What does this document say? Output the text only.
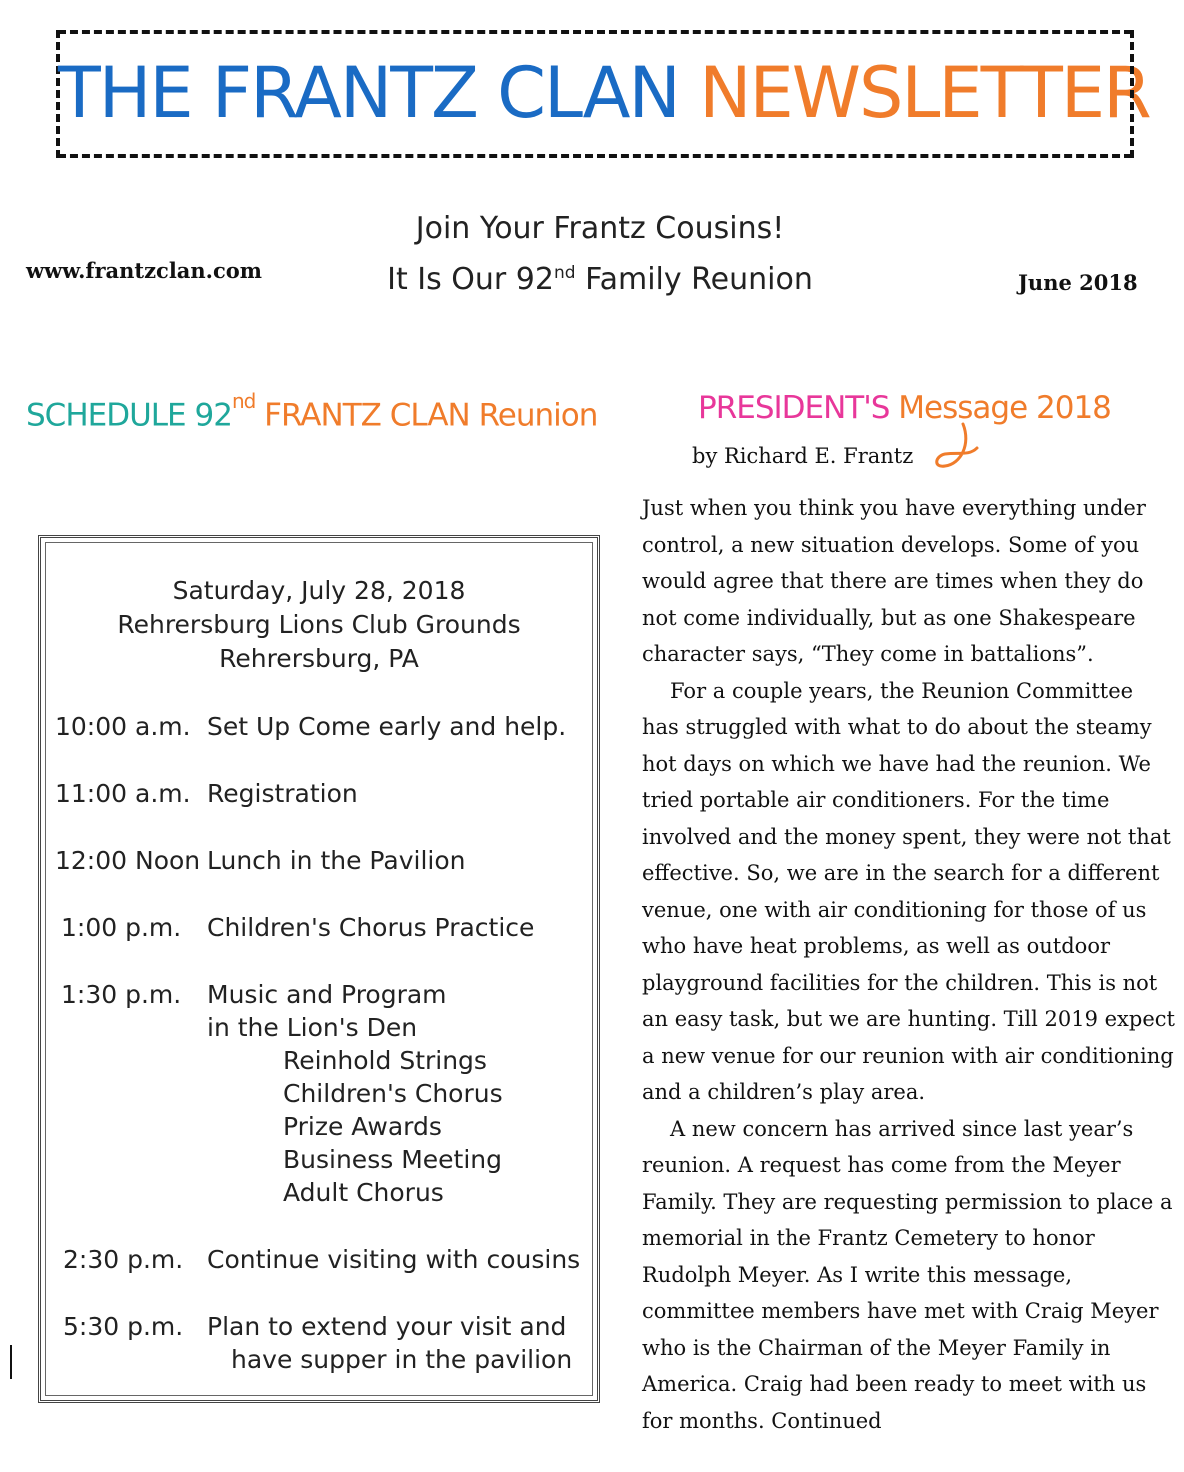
THE FRANTZ CLAN NEWSLETTER
www.frantzclan.com
Join Your Frantz Cousins!
It Is Our 92nd Family Reunion	June 2018
SCHEDULE 92nd FRANTZ CLAN Reunion	PRESIDENT'S Message 2018
by Richard E. Frantz
Saturday, July 28, 2018
Rehrersburg Lions Club Grounds
Rehrersburg, PA
10:00 a.m. Set Up Come early and help.
11:00 a.m. Registration
12:00 Noon Lunch in the Pavilion
1:00 p.m. Children's Chorus Practice
1:30 p.m. Music and Program
in the Lion's Den
Reinhold Strings
Children's Chorus
Prize Awards
Business Meeting
Adult Chorus
2:30 p.m. Continue visiting with cousins
5:30 p.m. Plan to extend your visit and
have supper in the pavilion

Just when you think you have everything under control, a new situation develops. Some of you would agree that there are times when they do not come individually, but as one Shakespeare character says, “They come in battalions”.

For a couple years, the Reunion Committee has struggled with what to do about the steamy hot days on which we have had the reunion. We tried portable air conditioners. For the time involved and the money spent, they were not that effective. So, we are in the search for a different venue, one with air conditioning for those of us who have heat problems, as well as outdoor playground facilities for the children. This is not an easy task, but we are hunting. Till 2019 expect a new venue for our reunion with air conditioning and a children’s play area.

A new concern has arrived since last year’s reunion. A request has come from the Meyer Family. They are requesting permission to place a memorial in the Frantz Cemetery to honor Rudolph Meyer. As I write this message, committee members have met with Craig Meyer who is the Chairman of the Meyer Family in America. Craig had been ready to meet with us for months. Continued
